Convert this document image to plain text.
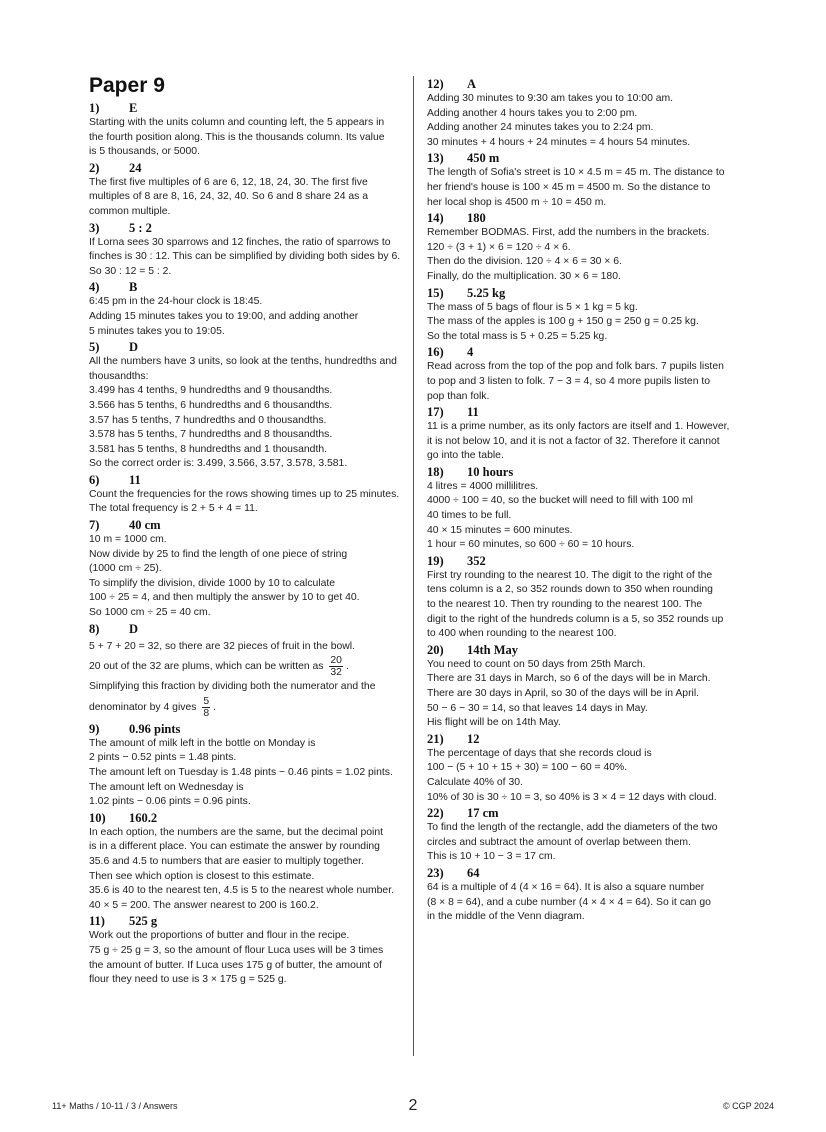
Paper 9
1)	E
Starting with the units column and counting left, the 5 appears in
the fourth position along. This is the thousands column. Its value
is 5 thousands, or 5000.
2)	24
The first five multiples of 6 are 6, 12, 18, 24, 30. The first five
multiples of 8 are 8, 16, 24, 32, 40. So 6 and 8 share 24 as a
common multiple.
3)	5 : 2
If Lorna sees 30 sparrows and 12 finches, the ratio of sparrows to
finches is 30 : 12. This can be simplified by dividing both sides by 6.
So 30 : 12 = 5 : 2.
4)	B
6:45 pm in the 24-hour clock is 18:45.
Adding 15 minutes takes you to 19:00, and adding another
5 minutes takes you to 19:05.
5)	D
All the numbers have 3 units, so look at the tenths, hundredths and
thousandths:
3.499 has 4 tenths, 9 hundredths and 9 thousandths.
3.566 has 5 tenths, 6 hundredths and 6 thousandths.
3.57 has 5 tenths, 7 hundredths and 0 thousandths.
3.578 has 5 tenths, 7 hundredths and 8 thousandths.
3.581 has 5 tenths, 8 hundredths and 1 thousandth.
So the correct order is: 3.499, 3.566, 3.57, 3.578, 3.581.
6)	11
Count the frequencies for the rows showing times up to 25 minutes.
The total frequency is 2 + 5 + 4 = 11.
7)	40 cm
10 m = 1000 cm.
Now divide by 25 to find the length of one piece of string
(1000 cm ÷ 25).
To simplify the division, divide 1000 by 10 to calculate
100 ÷ 25 = 4, and then multiply the answer by 10 to get 40.
So 1000 cm ÷ 25 = 40 cm.
8)	D
5 + 7 + 20 = 32, so there are 32 pieces of fruit in the bowl.
20 out of the 32 are plums, which can be written as $\frac{20}{32}$ .
Simplifying this fraction by dividing both the numerator and the
denominator by 4 gives $\frac{5}{8}$ .
9)	0.96 pints
The amount of milk left in the bottle on Monday is
2 pints − 0.52 pints = 1.48 pints.
The amount left on Tuesday is 1.48 pints − 0.46 pints = 1.02 pints.
The amount left on Wednesday is
1.02 pints − 0.06 pints = 0.96 pints.
10)	160.2
In each option, the numbers are the same, but the decimal point
is in a different place. You can estimate the answer by rounding
35.6 and 4.5 to numbers that are easier to multiply together.
Then see which option is closest to this estimate.
35.6 is 40 to the nearest ten, 4.5 is 5 to the nearest whole number.
40 × 5 = 200. The answer nearest to 200 is 160.2.
11)	525 g
Work out the proportions of butter and flour in the recipe.
75 g ÷ 25 g = 3, so the amount of flour Luca uses will be 3 times
the amount of butter. If Luca uses 175 g of butter, the amount of
flour they need to use is 3 × 175 g = 525 g.
12)	A
Adding 30 minutes to 9:30 am takes you to 10:00 am.
Adding another 4 hours takes you to 2:00 pm.
Adding another 24 minutes takes you to 2:24 pm.
30 minutes + 4 hours + 24 minutes = 4 hours 54 minutes.
13)	450 m
The length of Sofia's street is 10 × 4.5 m = 45 m. The distance to
her friend's house is 100 × 45 m = 4500 m. So the distance to
her local shop is 4500 m ÷ 10 = 450 m.
14)	180
Remember BODMAS. First, add the numbers in the brackets.
120 ÷ (3 + 1) × 6 = 120 ÷ 4 × 6.
Then do the division. 120 ÷ 4 × 6 = 30 × 6.
Finally, do the multiplication. 30 × 6 = 180.
15)	5.25 kg
The mass of 5 bags of flour is 5 × 1 kg = 5 kg.
The mass of the apples is 100 g + 150 g = 250 g = 0.25 kg.
So the total mass is 5 + 0.25 = 5.25 kg.
16)	4
Read across from the top of the pop and folk bars. 7 pupils listen
to pop and 3 listen to folk. 7 − 3 = 4, so 4 more pupils listen to
pop than folk.
17)	11
11 is a prime number, as its only factors are itself and 1. However,
it is not below 10, and it is not a factor of 32. Therefore it cannot
go into the table.
18)	10 hours
4 litres = 4000 millilitres.
4000 ÷ 100 = 40, so the bucket will need to fill with 100 ml
40 times to be full.
40 × 15 minutes = 600 minutes.
1 hour = 60 minutes, so 600 ÷ 60 = 10 hours.
19)	352
First try rounding to the nearest 10. The digit to the right of the
tens column is a 2, so 352 rounds down to 350 when rounding
to the nearest 10. Then try rounding to the nearest 100. The
digit to the right of the hundreds column is a 5, so 352 rounds up
to 400 when rounding to the nearest 100.
20)	14th May
You need to count on 50 days from 25th March.
There are 31 days in March, so 6 of the days will be in March.
There are 30 days in April, so 30 of the days will be in April.
50 − 6 − 30 = 14, so that leaves 14 days in May.
His flight will be on 14th May.
21)	12
The percentage of days that she records cloud is
100 − (5 + 10 + 15 + 30) = 100 − 60 = 40%.
Calculate 40% of 30.
10% of 30 is 30 ÷ 10 = 3, so 40% is 3 × 4 = 12 days with cloud.
22)	17 cm
To find the length of the rectangle, add the diameters of the two
circles and subtract the amount of overlap between them.
This is 10 + 10 − 3 = 17 cm.
23)	64
64 is a multiple of 4 (4 × 16 = 64). It is also a square number
(8 × 8 = 64), and a cube number (4 × 4 × 4 = 64). So it can go
in the middle of the Venn diagram.
11+ Maths / 10-11 / 3 / Answers	2	© CGP 2024
